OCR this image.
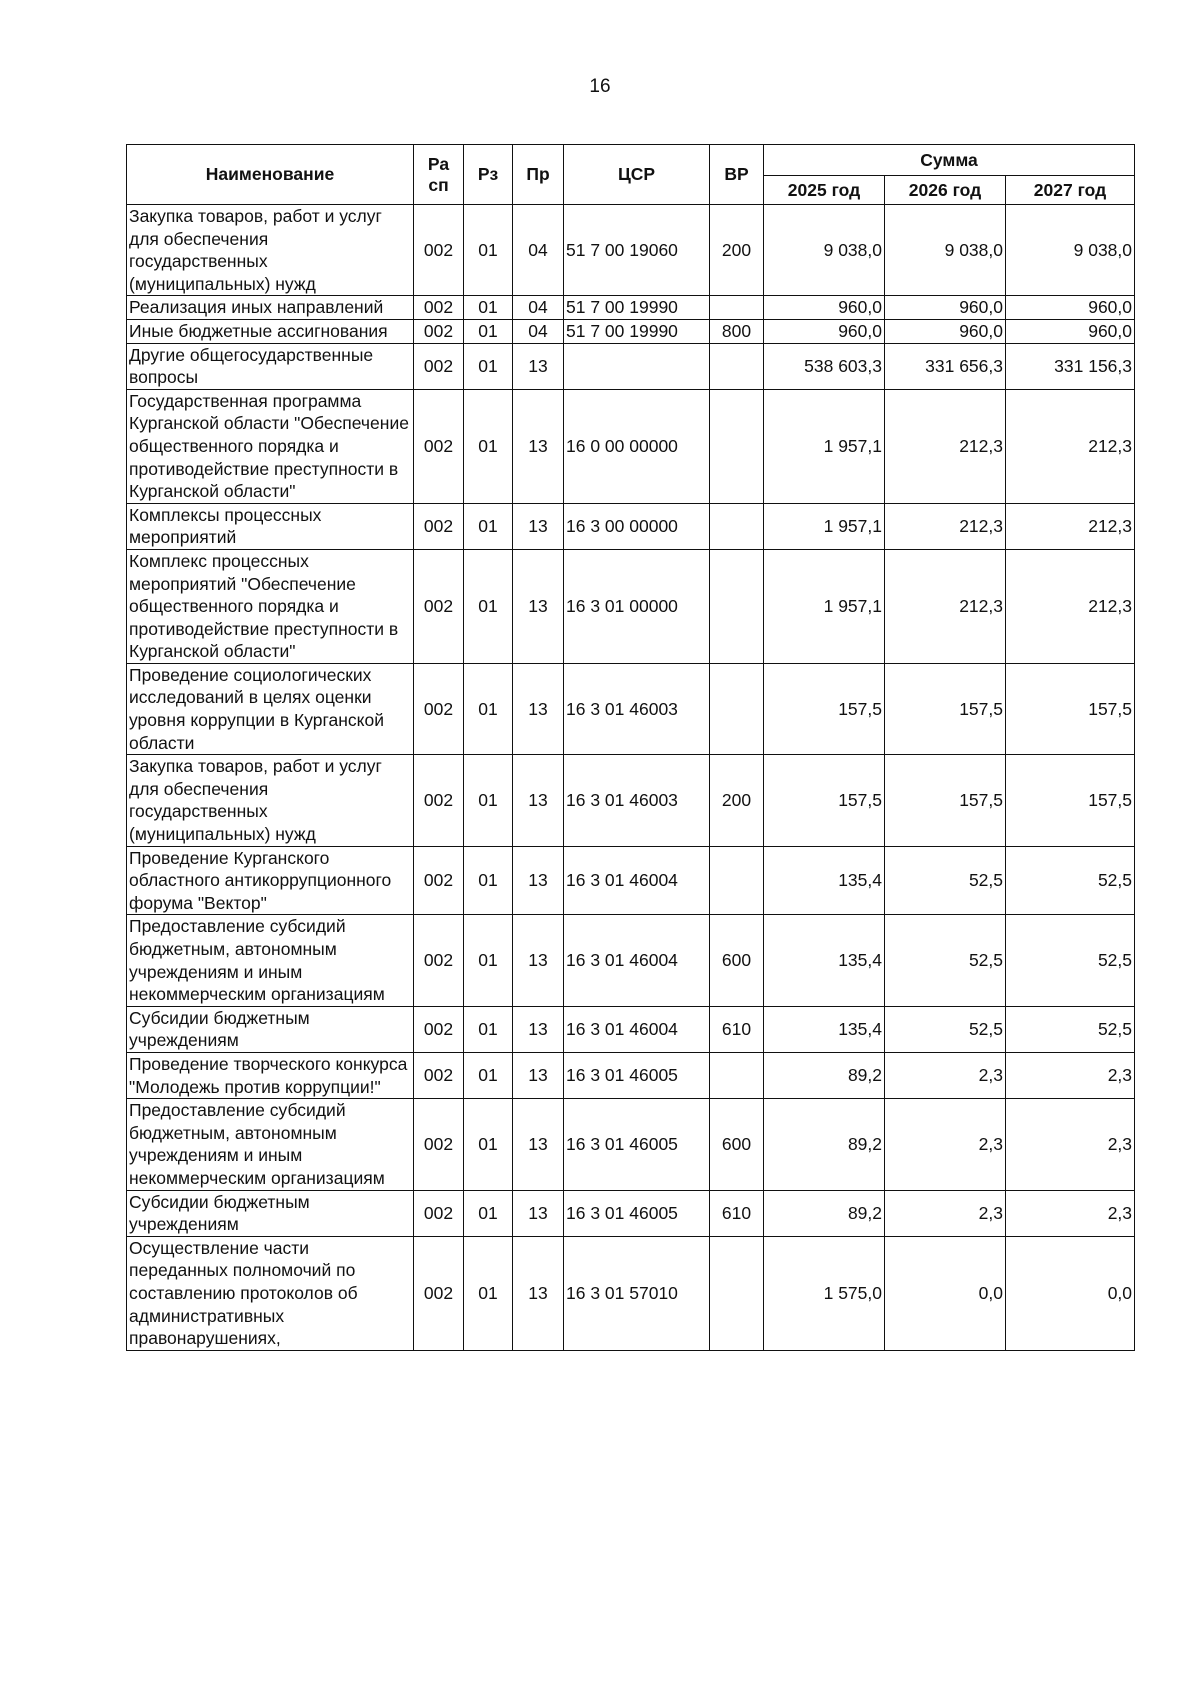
16
Наименование	Ра сп	Рз	Пр	ЦСР	ВР	Сумма		
						2025 год	2026 год	2027 год
Закупка товаров, работ и услуг для обеспечения государственных (муниципальных) нужд	002	01	04	51 7 00 19060	200	9 038,0	9 038,0	9 038,0
Реализация иных направлений	002	01	04	51 7 00 19990		960,0	960,0	960,0
Иные бюджетные ассигнования	002	01	04	51 7 00 19990	800	960,0	960,0	960,0
Другие общегосударственные вопросы	002	01	13			538 603,3	331 656,3	331 156,3
Государственная программа Курганской области "Обеспечение общественного порядка и противодействие преступности в Курганской области"	002	01	13	16 0 00 00000		1 957,1	212,3	212,3
Комплексы процессных мероприятий	002	01	13	16 3 00 00000		1 957,1	212,3	212,3
Комплекс процессных мероприятий "Обеспечение общественного порядка и противодействие преступности в Курганской области"	002	01	13	16 3 01 00000		1 957,1	212,3	212,3
Проведение социологических исследований в целях оценки уровня коррупции в Курганской области	002	01	13	16 3 01 46003		157,5	157,5	157,5
Закупка товаров, работ и услуг для обеспечения государственных (муниципальных) нужд	002	01	13	16 3 01 46003	200	157,5	157,5	157,5
Проведение Курганского областного антикоррупционного форума "Вектор"	002	01	13	16 3 01 46004		135,4	52,5	52,5
Предоставление субсидий бюджетным, автономным учреждениям и иным некоммерческим организациям	002	01	13	16 3 01 46004	600	135,4	52,5	52,5
Субсидии бюджетным учреждениям	002	01	13	16 3 01 46004	610	135,4	52,5	52,5
Проведение творческого конкурса "Молодежь против коррупции!"	002	01	13	16 3 01 46005		89,2	2,3	2,3
Предоставление субсидий бюджетным, автономным учреждениям и иным некоммерческим организациям	002	01	13	16 3 01 46005	600	89,2	2,3	2,3
Субсидии бюджетным учреждениям	002	01	13	16 3 01 46005	610	89,2	2,3	2,3
Осуществление части переданных полномочий по составлению протоколов об административных правонарушениях,	002	01	13	16 3 01 57010		1 575,0	0,0	0,0
